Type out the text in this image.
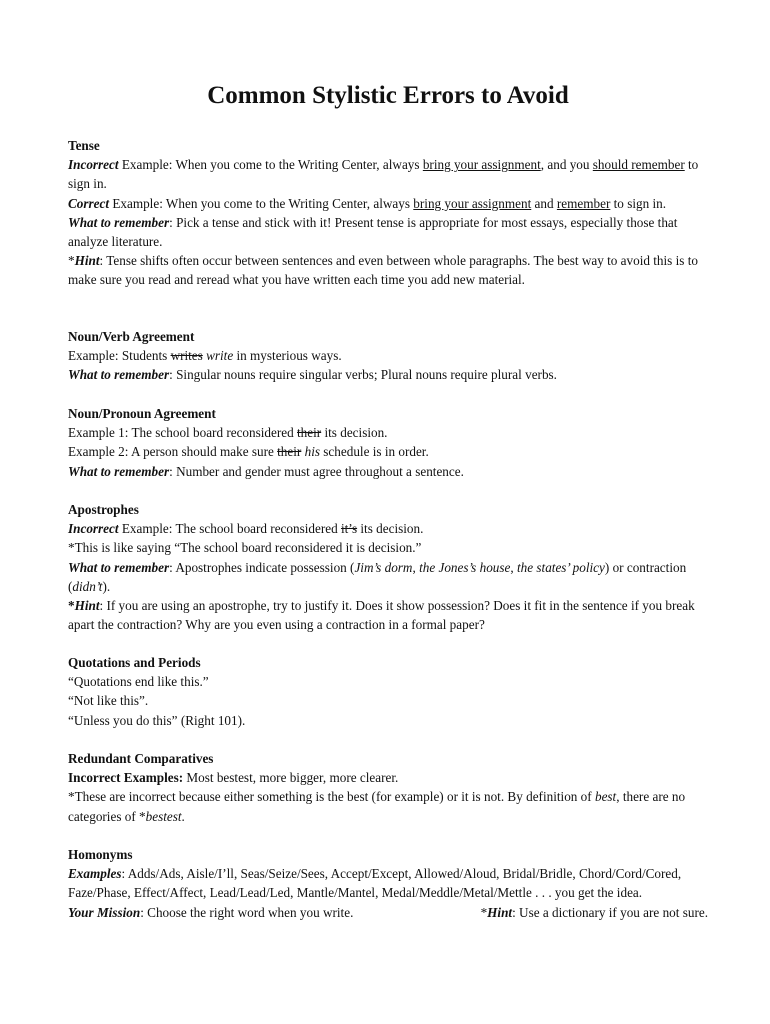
Common Stylistic Errors to Avoid

Tense

Incorrect Example: When you come to the Writing Center, always bring your assignment, and you should remember to sign in.

Correct Example: When you come to the Writing Center, always bring your assignment and remember to sign in.

What to remember: Pick a tense and stick with it! Present tense is appropriate for most essays, especially those that analyze literature.

*Hint: Tense shifts often occur between sentences and even between whole paragraphs. The best way to avoid this is to make sure you read and reread what you have written each time you add new material.

Noun/Verb Agreement

Example: Students writes write in mysterious ways.

What to remember: Singular nouns require singular verbs; Plural nouns require plural verbs.

Noun/Pronoun Agreement

Example 1: The school board reconsidered their its decision.

Example 2: A person should make sure their his schedule is in order.

What to remember: Number and gender must agree throughout a sentence.

Apostrophes

Incorrect Example: The school board reconsidered it’s its decision.

*This is like saying “The school board reconsidered it is decision.”

What to remember: Apostrophes indicate possession (Jim’s dorm, the Jones’s house, the states’ policy) or contraction (didn’t).

*Hint: If you are using an apostrophe, try to justify it. Does it show possession? Does it fit in the sentence if you break apart the contraction? Why are you even using a contraction in a formal paper?

Quotations and Periods

“Quotations end like this.”

“Not like this”.

“Unless you do this” (Right 101).

Redundant Comparatives

Incorrect Examples: Most bestest, more bigger, more clearer.

*These are incorrect because either something is the best (for example) or it is not. By definition of best, there are no categories of *bestest.

Homonyms

Examples: Adds/Ads, Aisle/I’ll, Seas/Seize/Sees, Accept/Except, Allowed/Aloud, Bridal/Bridle, Chord/Cord/Cored, Faze/Phase, Effect/Affect, Lead/Lead/Led, Mantle/Mantel, Medal/Meddle/Metal/Mettle . . . you get the idea.

Your Mission: Choose the right word when you write.	*Hint: Use a dictionary if you are not sure.
